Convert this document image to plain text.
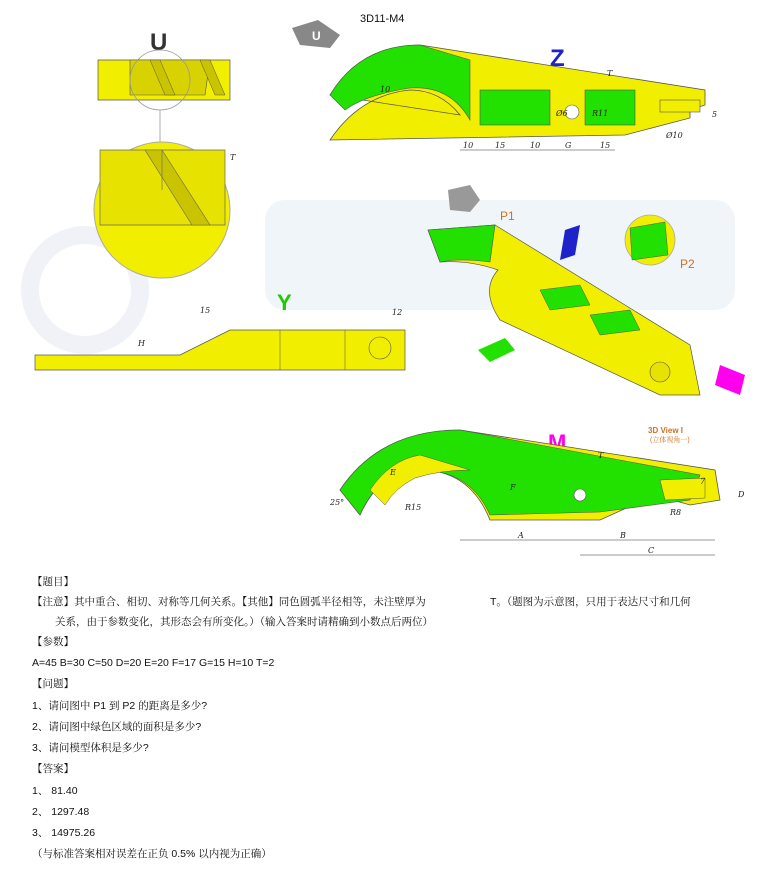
U
T
U
3D11-M4
Z
10	15	10	G	15
Ø6
Ø10
R11
10
T
5
Y
15	12
H
P1
P2
M	3D View I
(立体视角一)
A	B
C
D
E
F
T
R15
R8
25°
7
【题目】
【注意】其中重合、相切、对称等几何关系。【其他】同色圆弧半径相等，未注壁厚为	T。（题图为示意图，只用于表达尺寸和几何
关系，由于参数变化，其形态会有所变化。）（输入答案时请精确到小数点后两位）
【参数】
A=45 B=30 C=50 D=20 E=20 F=17 G=15 H=10 T=2
【问题】
1、请问图中 P1 到 P2 的距离是多少?
2、请问图中绿色区域的面积是多少?
3、请问模型体积是多少?
【答案】
1、 81.40
2、 1297.48
3、 14975.26
（与标准答案相对误差在正负 0.5% 以内视为正确）
